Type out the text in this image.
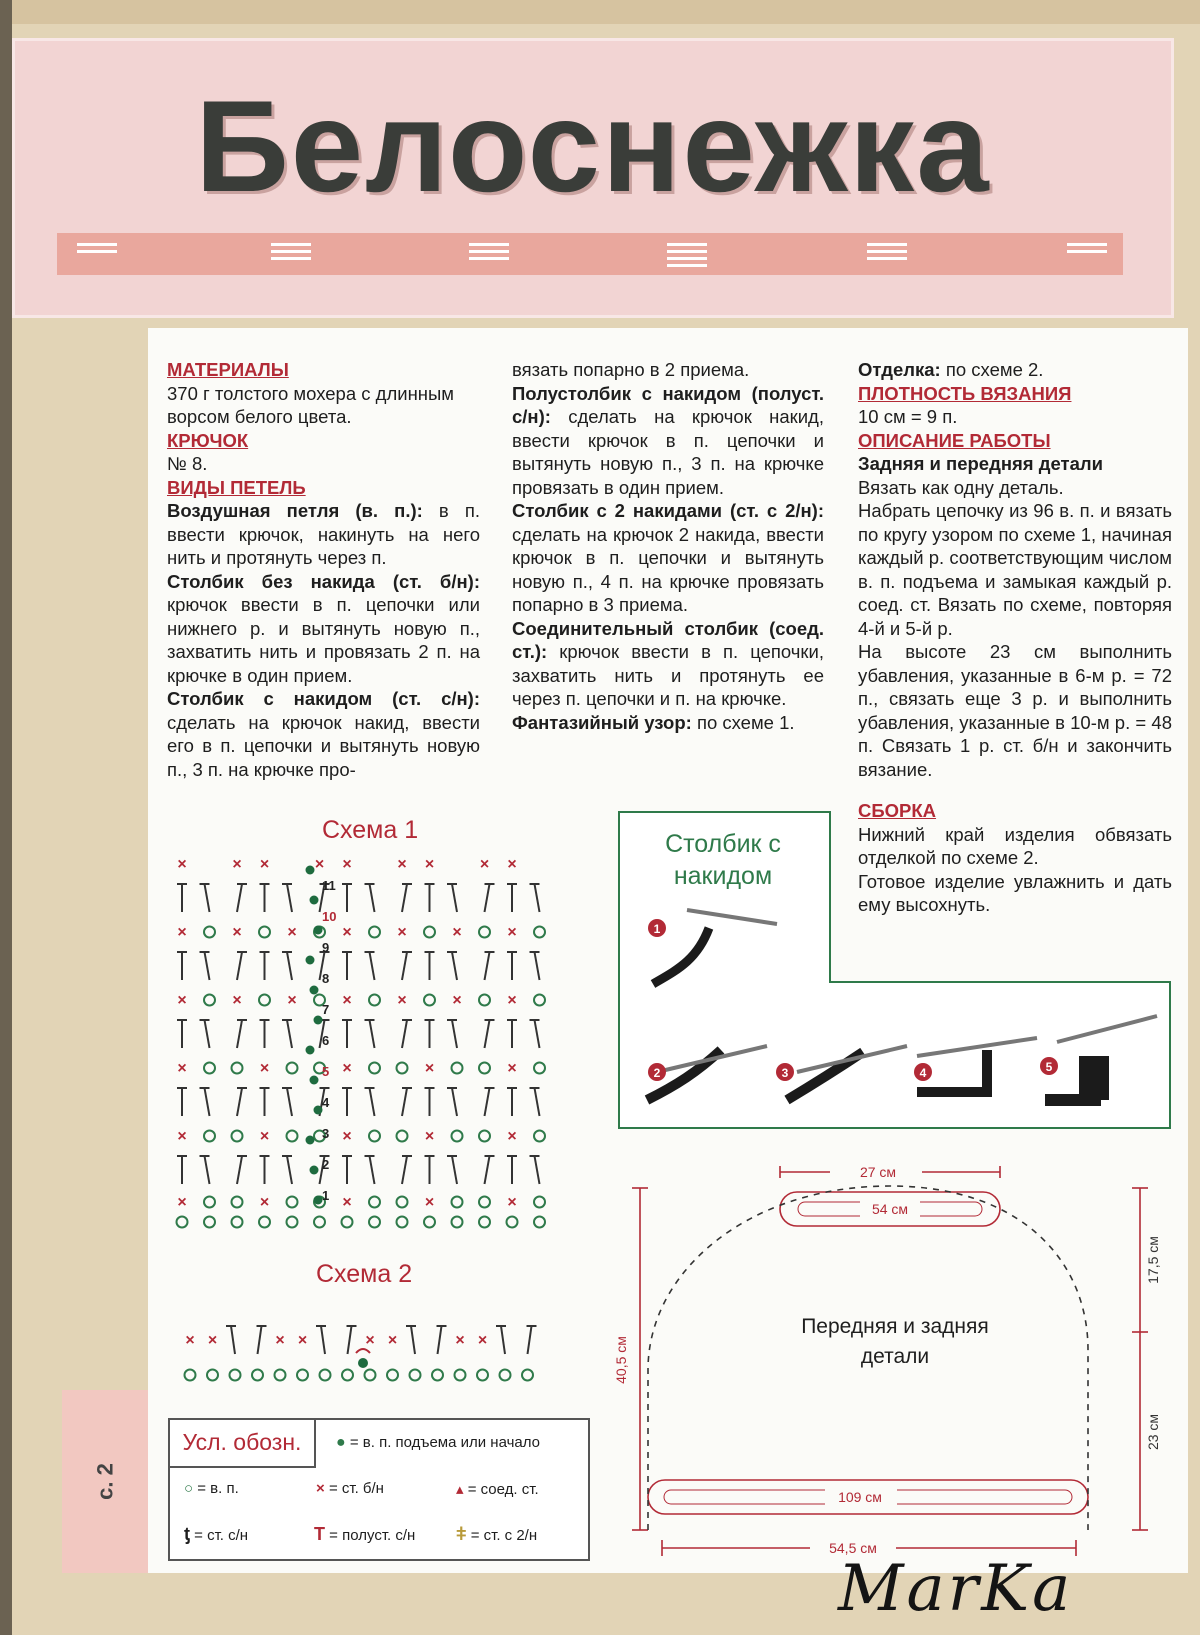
Белоснежка
с. 2

МАТЕРИАЛЫ

370 г толстого мохера с длинным ворсом белого цвета.

КРЮЧОК

№ 8.

ВИДЫ ПЕТЕЛЬ

Воздушная петля (в. п.): в п. ввести крючок, накинуть на него нить и протянуть через п.

Столбик без накида (ст. б/н): крючок ввести в п. цепочки или нижнего р. и вытянуть новую п., захватить нить и провязать 2 п. на крючке в один прием.

Столбик с накидом (ст. с/н): сделать на крючок накид, ввести его в п. цепочки и вытянуть новую п., 3 п. на крючке про-

вязать попарно в 2 приема.

Полустолбик с накидом (полуст. с/н): сделать на крючок накид, ввести крючок в п. цепочки и вытянуть новую п., 3 п. на крючке провязать в один прием.

Столбик с 2 накидами (ст. с 2/н): сделать на крючок 2 накида, ввести крючок в п. цепочки и вытянуть новую п., 4 п. на крючке провязать попарно в 3 приема.

Соединительный столбик (соед. ст.): крючок ввести в п. цепочки, захватить нить и протянуть ее через п. цепочки и п. на крючке.

Фантазийный узор: по схеме 1.

Отделка: по схеме 2.

ПЛОТНОСТЬ ВЯЗАНИЯ

10 см = 9 п.

ОПИСАНИЕ РАБОТЫ

Задняя и передняя детали

Вязать как одну деталь.

Набрать цепочку из 96 в. п. и вязать по кругу узором по схеме 1, начиная каждый р. соответствующим числом в. п. подъема и замыкая каждый р. соед. ст. Вязать по схеме, повторяя 4-й и 5-й р.

На высоте 23 см выполнить убавления, указанные в 6-м р. = 72 п., связать еще 3 р. и выполнить убавления, указанные в 10-м р. = 48 п. Связать 1 р. ст. б/н и закончить вязание.

СБОРКА

Нижний край изделия обвязать отделкой по схеме 2.

Готовое изделие увлажнить и дать ему высохнуть.

Схема 1
×	× ×	× ×	× ×	× ×
×	×	×	×	×	×	×
×	×	×	×	×	×	×
×	×	×	×	×
×	×	×	×	×
×	×	×	×	×
1
2
3
4
5
6
7
8
9
10
11
Схема 2
× ×	× ×	× ×	× ×
Усл. обозн.	● = в. п. подъема или начало
○ = в. п.	× = ст. б/н	▴ = соед. ст.
ƫ = ст. с/н	T = полуст. с/н ǂ = ст. с 2/н
Столбик с
накидом
1
2	3	4	5
27 см
54 см
109 см
54,5 см
40,5 см
17,5 см
23 см
Передняя и задняя
детали
MarKa
